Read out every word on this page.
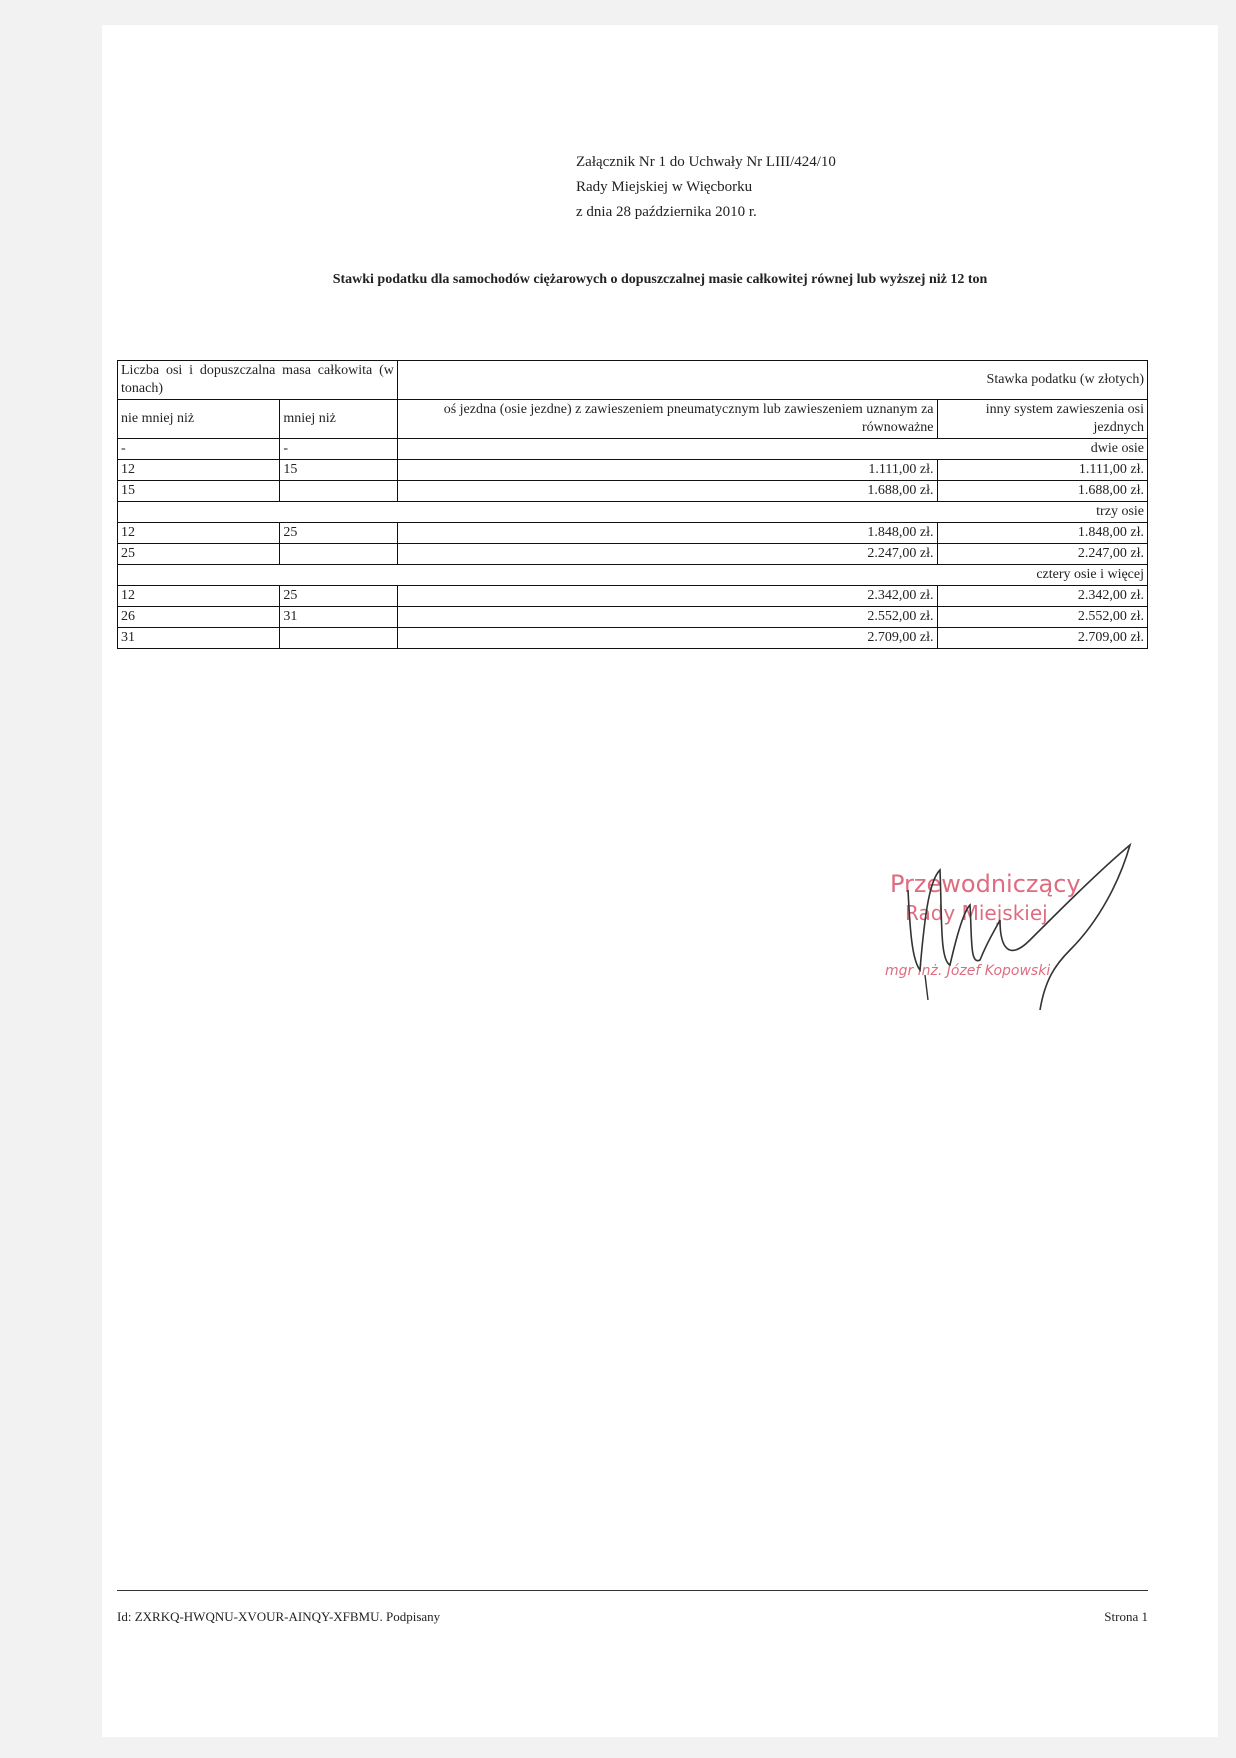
Załącznik Nr 1 do Uchwały Nr LIII/424/10
Rady Miejskiej w Więcborku
z dnia 28 października 2010 r.
Stawki podatku dla samochodów ciężarowych o dopuszczalnej masie całkowitej równej lub wyższej niż 12 ton
Liczba osi i dopuszczalna masa całkowita (w tonach)		Stawka podatku (w złotych)	
nie mniej niż	mniej niż	oś jezdna (osie jezdne) z zawieszeniem pneumatycznym lub zawieszeniem uznanym za równoważne	inny system zawieszenia osi jezdnych
-	-	dwie osie	
12	15	1.111,00 zł.	1.111,00 zł.
15		1.688,00 zł.	1.688,00 zł.
trzy osie			
12	25	1.848,00 zł.	1.848,00 zł.
25		2.247,00 zł.	2.247,00 zł.
cztery osie i więcej			
12	25	2.342,00 zł.	2.342,00 zł.
26	31	2.552,00 zł.	2.552,00 zł.
31		2.709,00 zł.	2.709,00 zł.
Przewodniczący
Rady Miejskiej
mgr inż. Józef Kopowski
Id: ZXRKQ-HWQNU-XVOUR-AINQY-XFBMU. Podpisany	Strona 1
